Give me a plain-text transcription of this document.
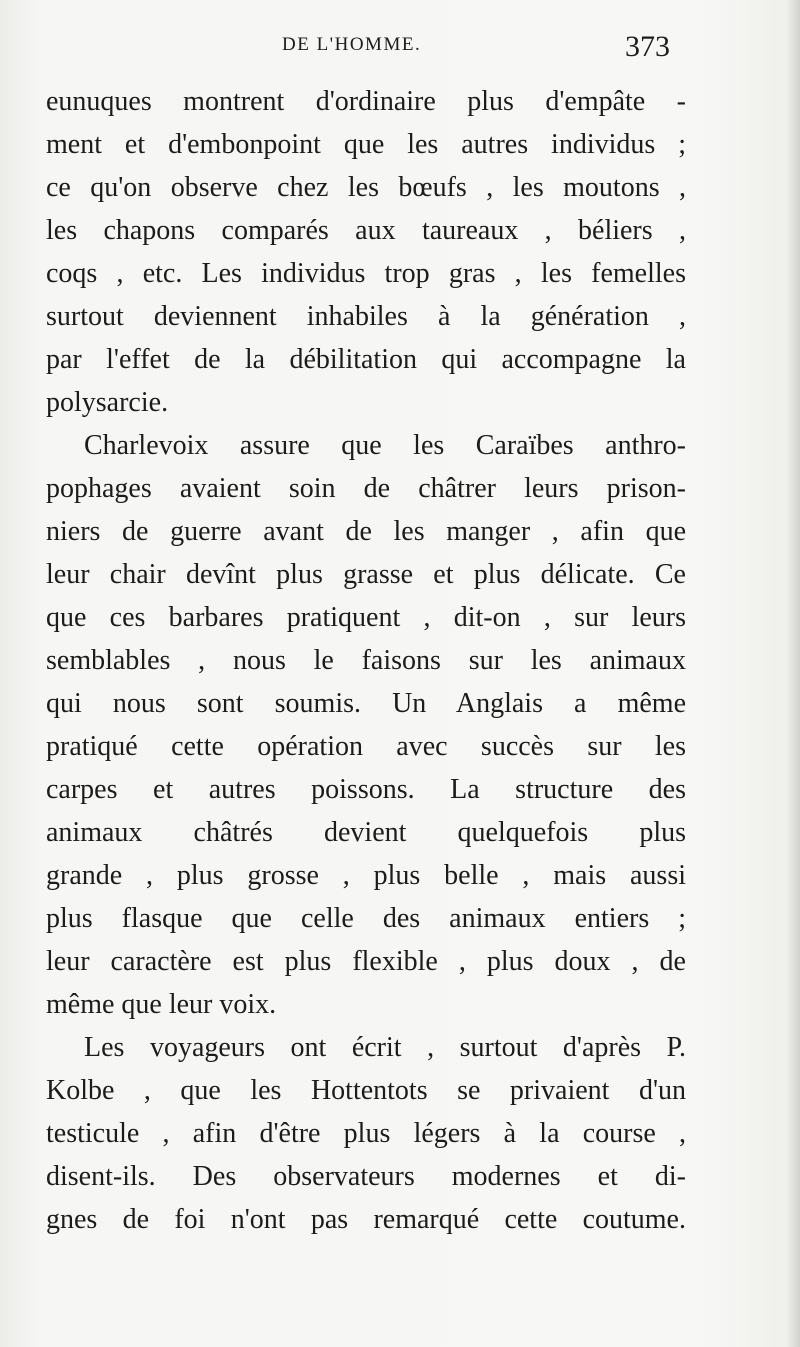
DE L'HOMME.	373
eunuques montrent d'ordinaire plus d'empâte -
ment et d'embonpoint que les autres individus ;
ce qu'on observe chez les bœufs , les moutons ,
les chapons comparés aux taureaux , béliers ,
coqs , etc. Les individus trop gras , les femelles
surtout deviennent inhabiles à la génération ,
par l'effet de la débilitation qui accompagne la
polysarcie.
Charlevoix assure que les Caraïbes anthro-
pophages avaient soin de châtrer leurs prison-
niers de guerre avant de les manger , afin que
leur chair devînt plus grasse et plus délicate. Ce
que ces barbares pratiquent , dit-on , sur leurs
semblables , nous le faisons sur les animaux
qui nous sont soumis. Un Anglais a même
pratiqué cette opération avec succès sur les
carpes et autres poissons. La structure des
animaux châtrés devient quelquefois plus
grande , plus grosse , plus belle , mais aussi
plus flasque que celle des animaux entiers ;
leur caractère est plus flexible , plus doux , de
même que leur voix.
Les voyageurs ont écrit , surtout d'après P.
Kolbe , que les Hottentots se privaient d'un
testicule , afin d'être plus légers à la course ,
disent-ils. Des observateurs modernes et di-
gnes de foi n'ont pas remarqué cette coutume.
